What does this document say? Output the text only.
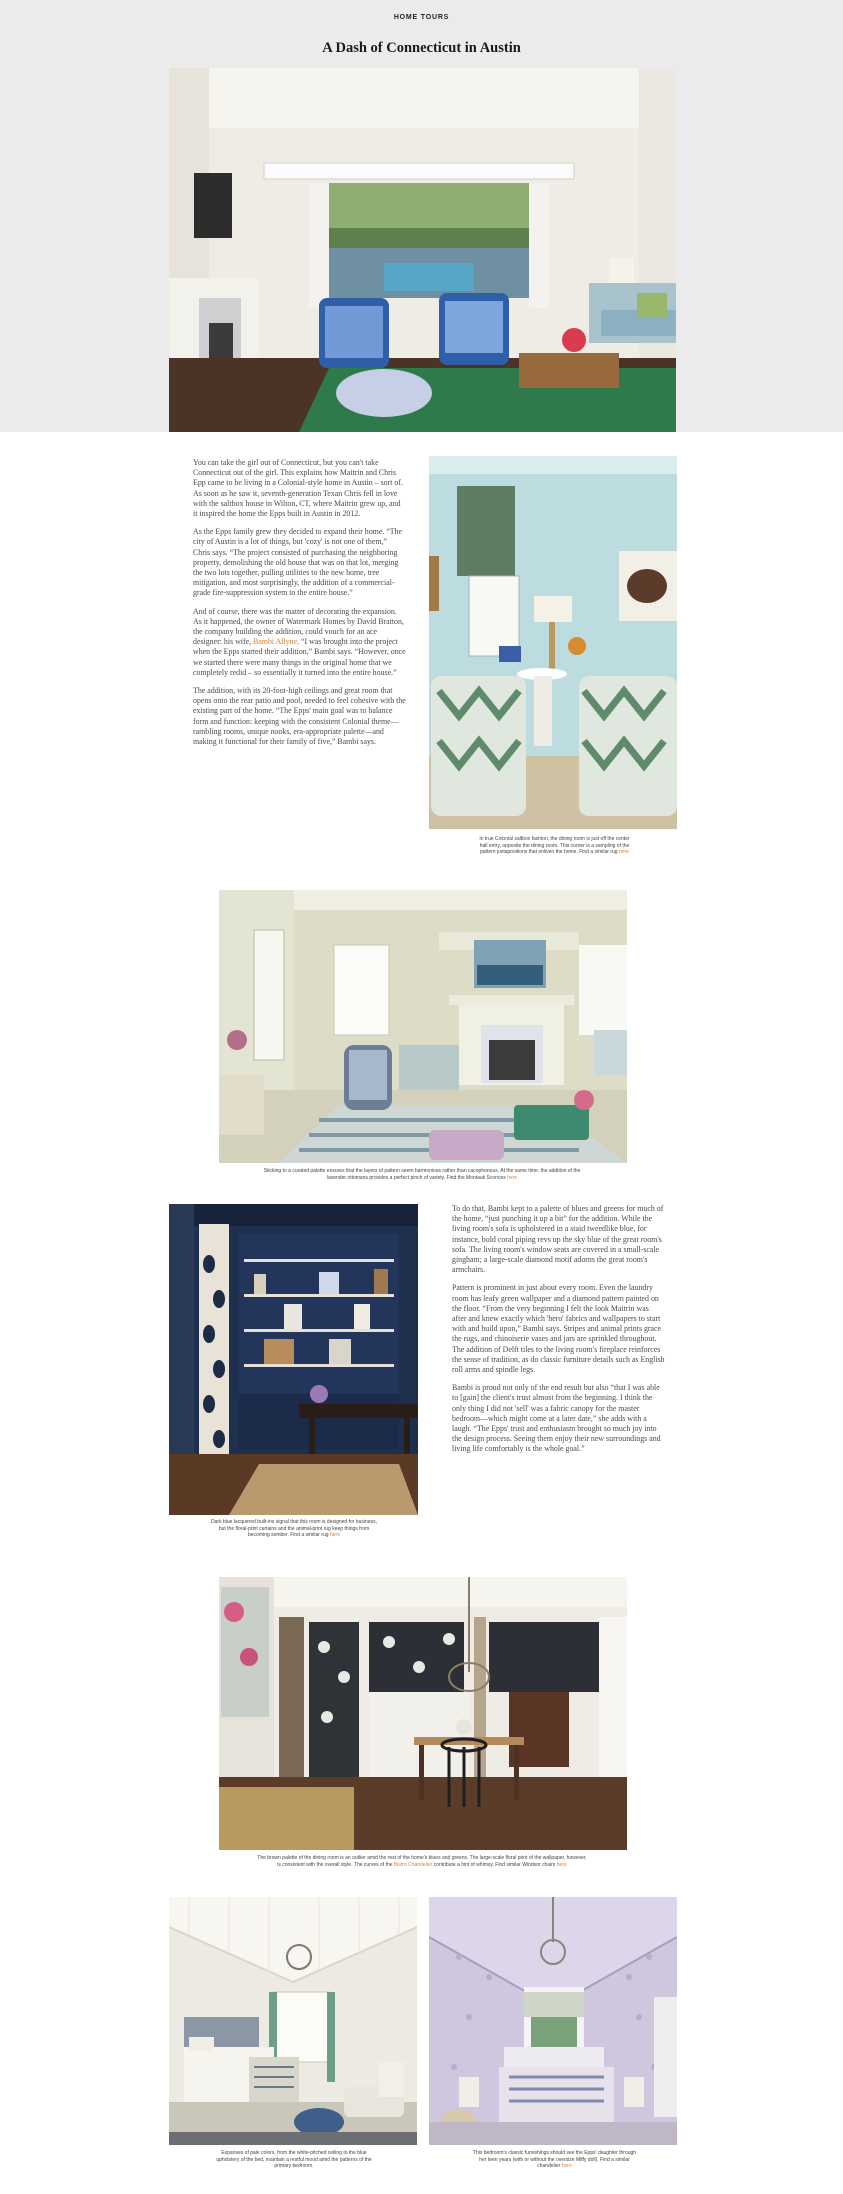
HOME TOURS
A Dash of Connecticut in Austin

You can take the girl out of Connecticut, but you can't take Connecticut out of the girl. This explains how Maitrin and Chris Epp came to be living in a Colonial-style home in Austin – sort of. As soon as he saw it, seventh-generation Texan Chris fell in love with the saltbox house in Wilton, CT, where Maitrin grew up, and it inspired the home the Epps built in Austin in 2012.

As the Epps family grew they decided to expand their home. “The city of Austin is a lot of things, but 'cozy' is not one of them,” Chris says. “The project consisted of purchasing the neighboring property, demolishing the old house that was on that lot, merging the two lots together, pulling utilities to the new home, tree mitigation, and most surprisingly, the addition of a commercial-grade fire-suppression system to the entire house.”

And of course, there was the matter of decorating the expansion. As it happened, the owner of Watermark Homes by David Bratton, the company building the addition, could vouch for an ace designer: his wife, Bambi Allyne. “I was brought into the project when the Epps started their addition,” Bambi says. “However, once we started there were many things in the original home that we completely redid – so essentially it turned into the entire house.”

The addition, with its 20-foot-high ceilings and great room that opens onto the rear patio and pool, needed to feel cohesive with the existing part of the home. “The Epps' main goal was to balance form and function: keeping with the consistent Colonial theme—rambling rooms, unique nooks, era-appropriate palette—and making it functional for their family of five,” Bambi says.

In true Colonial saltbox fashion, the dining room is just off the center hall entry, opposite the dining room. This corner is a sampling of the pattern juxtapositions that enliven the home. Find a similar rug here
Sticking to a curated palette ensures that the layers of pattern seem harmonious rather than cacophonous. At the same time, the addition of the lavender ottomans provides a perfect pinch of variety. Find the Montauk Sconces here
Dark blue lacquered built-ins signal that this room is designed for business, but the floral-print curtains and the animal-print rug keep things from becoming somber. Find a similar rug here

To do that, Bambi kept to a palette of blues and greens for much of the home, “just punching it up a bit” for the addition. While the living room's sofa is upholstered in a staid tweedlike blue, for instance, bold coral piping revs up the sky blue of the great room's sofa. The living room's window seats are covered in a small-scale gingham; a large-scale diamond motif adorns the great room's armchairs.

Pattern is prominent in just about every room. Even the laundry room has leafy green wallpaper and a diamond pattern painted on the floor. “From the very beginning I felt the look Maitrin was after and knew exactly which 'hero' fabrics and wallpapers to start with and build upon,” Bambi says. Stripes and animal prints grace the rugs, and chinoiserie vases and jars are sprinkled throughout. The addition of Delft tiles to the living room's fireplace reinforces the sense of tradition, as do classic furniture details such as English roll arms and spindle legs.

Bambi is proud not only of the end result but also “that I was able to [gain] the client's trust almost from the beginning. I think the only thing I did not 'sell' was a fabric canopy for the master bedroom—which might come at a later date,” she adds with a laugh. “The Epps' trust and enthusiasm brought so much joy into the design process. Seeing them enjoy their new surroundings and living life comfortably is the whole goal.”

The brown palette of the dining room is an outlier amid the rest of the home's blues and greens. The large-scale floral print of the wallpaper, however, is consistent with the overall style. The curves of the Bistro Chandelier contribute a hint of whimsy. Find similar Windsor chairs here
Expanses of pale colors, from the white-pitched ceiling to the blue upholstery of the bed, maintain a restful mood amid the patterns of the primary bedroom.
This bedroom's classic furnishings should see the Epps' daughter through her teen years (with or without the oversize Miffy doll). Find a similar chandelier here
